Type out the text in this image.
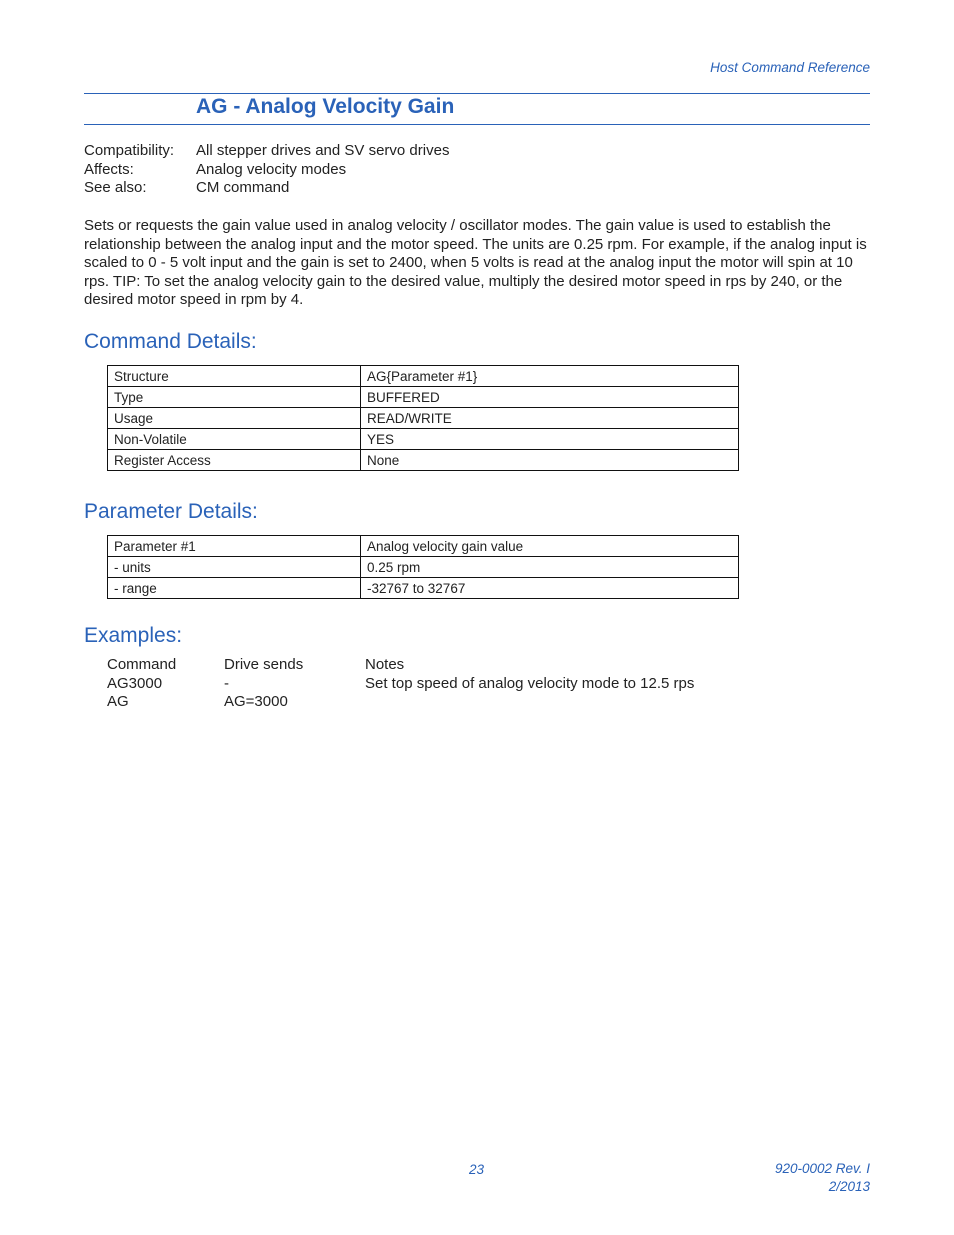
Host Command Reference
AG - Analog Velocity Gain
Compatibility:	All stepper drives and SV servo drives
Affects:	Analog velocity modes
See also:	CM command
Sets or requests the gain value used in analog velocity / oscillator modes. The gain value is used to establish the relationship between the analog input and the motor speed. The units are 0.25 rpm. For example, if the analog input is scaled to 0 - 5 volt input and the gain is set to 2400, when 5 volts is read at the analog input the motor will spin at 10 rps. TIP: To set the analog velocity gain to the desired value, multiply the desired motor speed in rps by 240, or the desired motor speed in rpm by 4.
Command Details:
Structure	AG{Parameter #1}
Type	BUFFERED
Usage	READ/WRITE
Non-Volatile	YES
Register Access	None
Parameter Details:
Parameter #1	Analog velocity gain value
- units	0.25 rpm
- range	-32767 to 32767
Examples:
Command	Drive sends	Notes
AG3000	-	Set top speed of analog velocity mode to 12.5 rps
AG	AG=3000
23	920-0002 Rev. I
2/2013
